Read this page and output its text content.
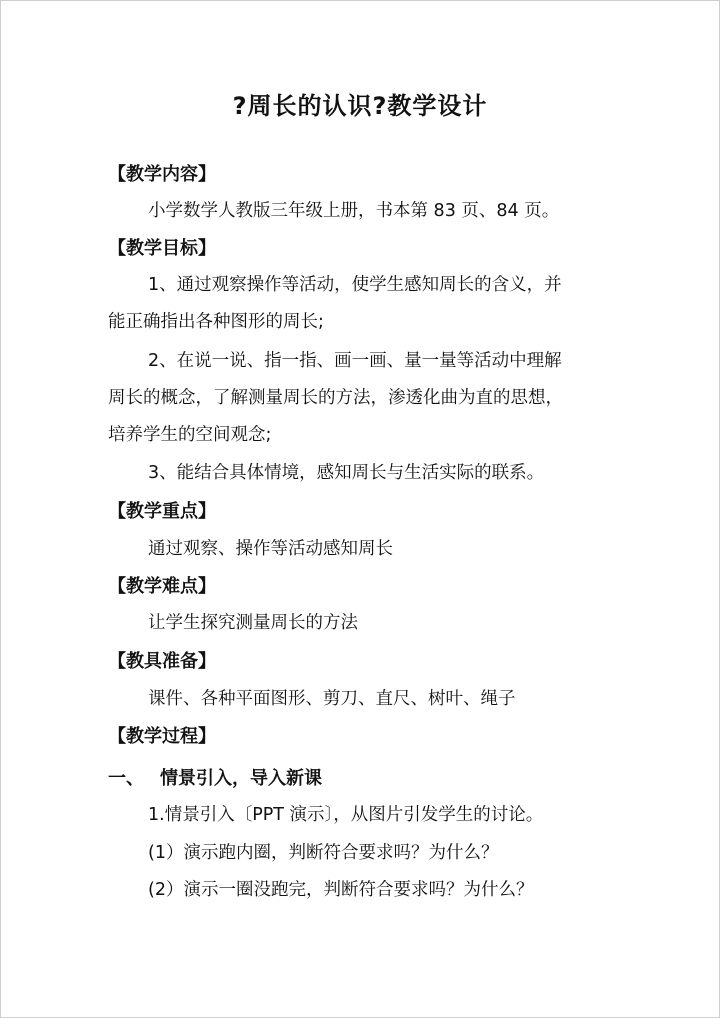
?周长的认识?教学设计
【教学内容】
小学数学人教版三年级上册，书本第 83 页、84 页。
【教学目标】
1、通过观察操作等活动，使学生感知周长的含义，并
能正确指出各种图形的周长;
2、在说一说、指一指、画一画、量一量等活动中理解
周长的概念，了解测量周长的方法，渗透化曲为直的思想，
培养学生的空间观念;
3、能结合具体情境，感知周长与生活实际的联系。
【教学重点】
通过观察、操作等活动感知周长
【教学难点】
让学生探究测量周长的方法
【教具准备】
课件、各种平面图形、剪刀、直尺、树叶、绳子
【教学过程】
一、 情景引入，导入新课
1.情景引入〔PPT 演示〕，从图片引发学生的讨论。
(1）演示跑内圈，判断符合要求吗？为什么？
(2）演示一圈没跑完，判断符合要求吗？为什么？
